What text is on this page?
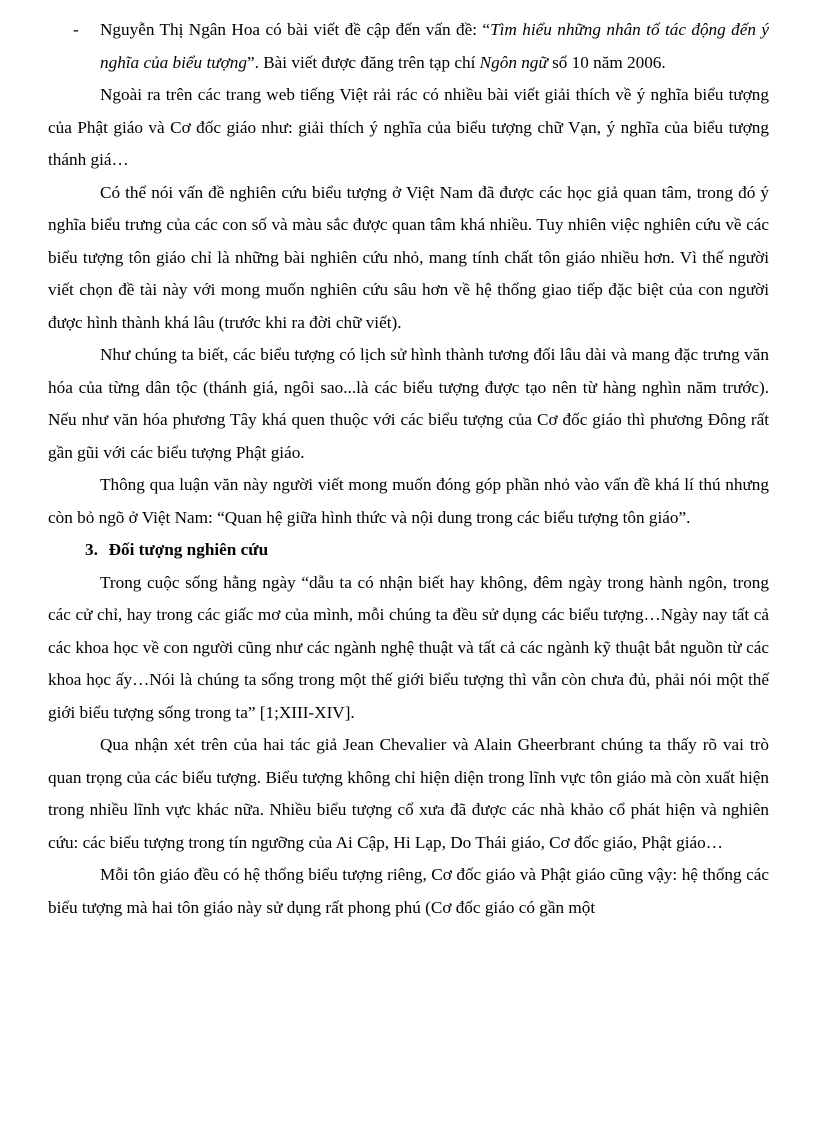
- Nguyễn Thị Ngân Hoa có bài viết đề cập đến vấn đề: “Tìm hiểu những nhân tố tác động đến ý nghĩa của biểu tượng”. Bài viết được đăng trên tạp chí Ngôn ngữ số 10 năm 2006.

Ngoài ra trên các trang web tiếng Việt rải rác có nhiều bài viết giải thích về ý nghĩa biểu tượng của Phật giáo và Cơ đốc giáo như: giải thích ý nghĩa của biểu tượng chữ Vạn, ý nghĩa của biểu tượng thánh giá…

Có thể nói vấn đề nghiên cứu biểu tượng ở Việt Nam đã được các học giả quan tâm, trong đó ý nghĩa biểu trưng của các con số và màu sắc được quan tâm khá nhiều. Tuy nhiên việc nghiên cứu về các biểu tượng tôn giáo chỉ là những bài nghiên cứu nhỏ, mang tính chất tôn giáo nhiều hơn. Vì thế người viết chọn đề tài này với mong muốn nghiên cứu sâu hơn về hệ thống giao tiếp đặc biệt của con người được hình thành khá lâu (trước khi ra đời chữ viết).

Như chúng ta biết, các biểu tượng có lịch sử hình thành tương đối lâu dài và mang đặc trưng văn hóa của từng dân tộc (thánh giá, ngôi sao...là các biểu tượng được tạo nên từ hàng nghìn năm trước). Nếu như văn hóa phương Tây khá quen thuộc với các biểu tượng của Cơ đốc giáo thì phương Đông rất gần gũi với các biểu tượng Phật giáo.

Thông qua luận văn này người viết mong muốn đóng góp phần nhỏ vào vấn đề khá lí thú nhưng còn bỏ ngõ ở Việt Nam: “Quan hệ giữa hình thức và nội dung trong các biểu tượng tôn giáo”.

3. Đối tượng nghiên cứu

Trong cuộc sống hằng ngày “dẫu ta có nhận biết hay không, đêm ngày trong hành ngôn, trong các cử chỉ, hay trong các giấc mơ của mình, mỗi chúng ta đều sử dụng các biểu tượng…Ngày nay tất cả các khoa học về con người cũng như các ngành nghệ thuật và tất cả các ngành kỹ thuật bắt nguồn từ các khoa học ấy…Nói là chúng ta sống trong một thế giới biểu tượng thì vẫn còn chưa đủ, phải nói một thế giới biểu tượng sống trong ta” [1;XIII-XIV].

Qua nhận xét trên của hai tác giả Jean Chevalier và Alain Gheerbrant chúng ta thấy rõ vai trò quan trọng của các biểu tượng. Biểu tượng không chỉ hiện diện trong lĩnh vực tôn giáo mà còn xuất hiện trong nhiều lĩnh vực khác nữa. Nhiều biểu tượng cổ xưa đã được các nhà khảo cổ phát hiện và nghiên cứu: các biểu tượng trong tín ngưỡng của Ai Cập, Hi Lạp, Do Thái giáo, Cơ đốc giáo, Phật giáo…

Mỗi tôn giáo đều có hệ thống biểu tượng riêng, Cơ đốc giáo và Phật giáo cũng vậy: hệ thống các biểu tượng mà hai tôn giáo này sử dụng rất phong phú (Cơ đốc giáo có gần một
